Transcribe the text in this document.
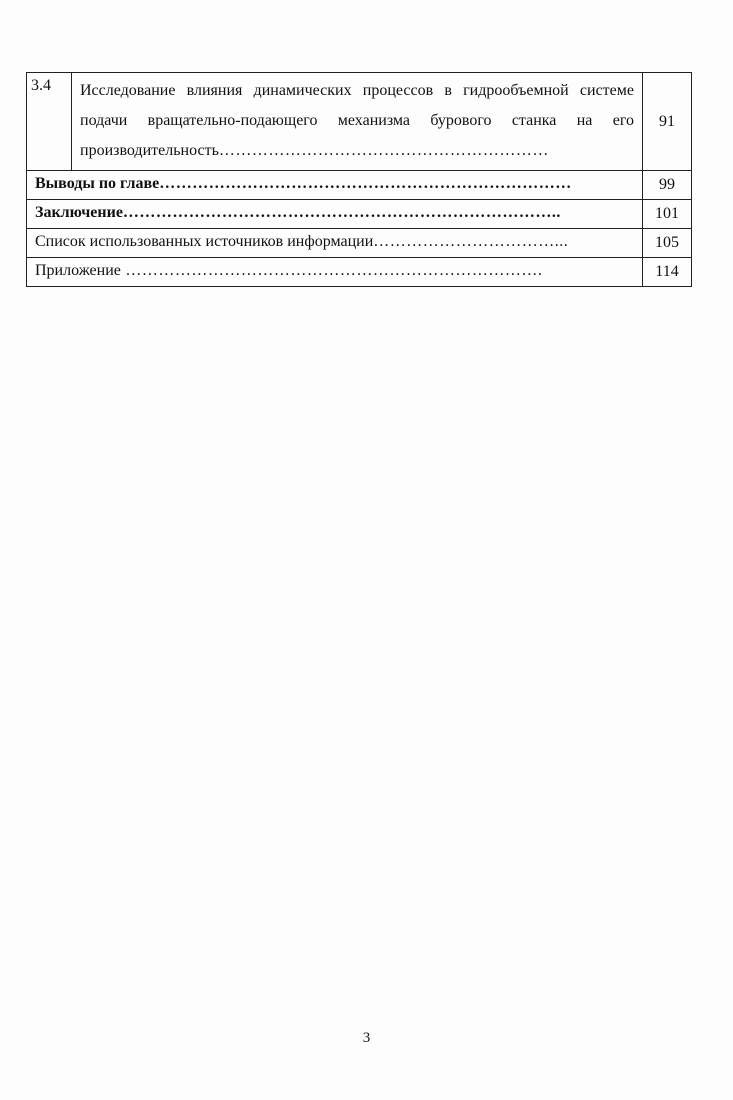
3.4	Исследование влияния динамических процессов в гидрообъемной системе подачи вращательно-подающего механизма бурового станка на его производительность……………………………………………………	91
Выводы по главе…………………………………………………………………		99
Заключение……………………………………………………………………..		101
Список использованных источников информации……………………………...		105
Приложение ………………………………………………………………….		114
3
